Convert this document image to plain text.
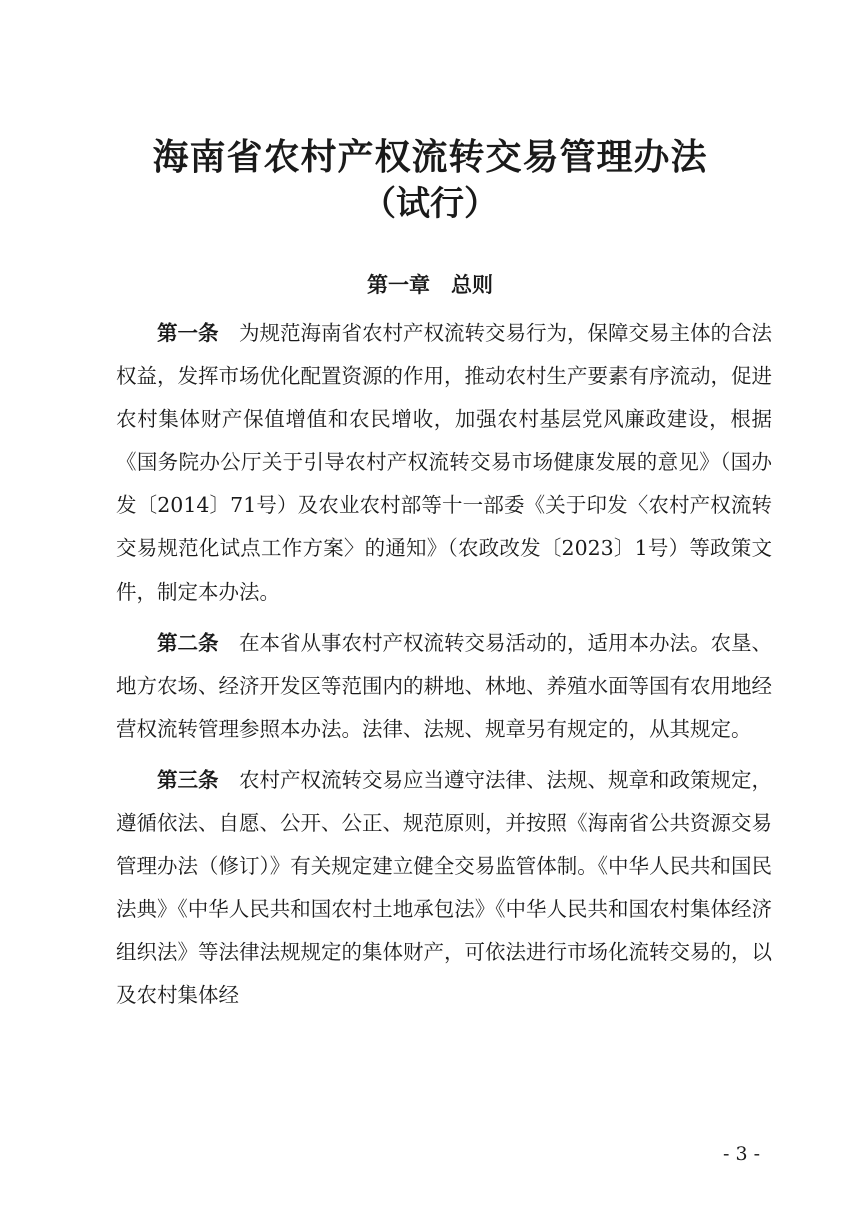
海南省农村产权流转交易管理办法
（试行）
第一章　总则

第一条　 为规范海南省农村产权流转交易行为，保障交易主体的合法权益，发挥市场优化配置资源的作用，推动农村生产要素有序流动，促进农村集体财产保值增值和农民增收，加强农村基层党风廉政建设，根据《国务院办公厅关于引导农村产权流转交易市场健康发展的意见》（国办发〔2014〕71号）及农业农村部等十一部委《关于印发〈农村产权流转交易规范化试点工作方案〉的通知》（农政改发〔2023〕1号）等政策文件，制定本办法。

第二条　 在本省从事农村产权流转交易活动的，适用本办法。农垦、地方农场、经济开发区等范围内的耕地、林地、养殖水面等国有农用地经营权流转管理参照本办法。法律、法规、规章另有规定的，从其规定。

第三条　 农村产权流转交易应当遵守法律、法规、规章和政策规定，遵循依法、自愿、公开、公正、规范原则，并按照《海南省公共资源交易管理办法（修订）》有关规定建立健全交易监管体制。《中华人民共和国民法典》《中华人民共和国农村土地承包法》《中华人民共和国农村集体经济组织法》等法律法规规定的集体财产，可依法进行市场化流转交易的，以及农村集体经

- 3 -
